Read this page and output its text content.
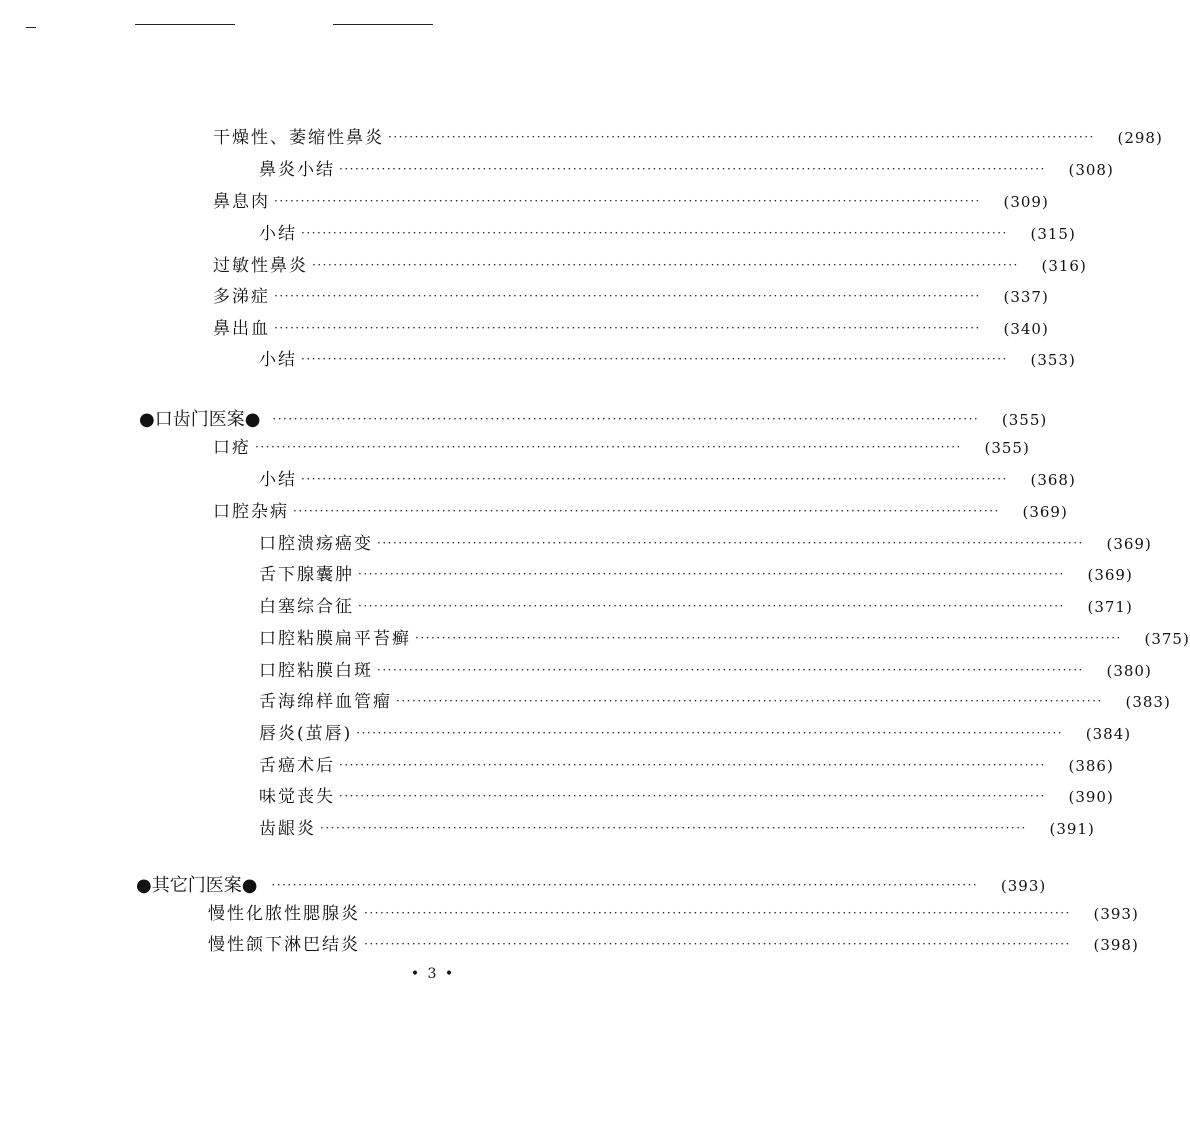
干燥性、萎缩性鼻炎 ·····································································································································	(298)
鼻炎小结 ·····································································································································	(308)
鼻息肉 ·····································································································································	(309)
小结 ·····································································································································	(315)
过敏性鼻炎 ·····································································································································	(316)
多涕症 ·····································································································································	(337)
鼻出血 ·····································································································································	(340)
小结 ·····································································································································	(353)
●口齿门医案● ·····································································································································	(355)
口疮 ·····································································································································	(355)
小结 ·····································································································································	(368)
口腔杂病 ·····································································································································	(369)
口腔溃疡癌变 ·····································································································································	(369)
舌下腺囊肿 ·····································································································································	(369)
白塞综合征 ·····································································································································	(371)
口腔粘膜扁平苔癣 ·····································································································································	(375)
口腔粘膜白斑 ·····································································································································	(380)
舌海绵样血管瘤 ·····································································································································	(383)
唇炎(茧唇) ·····································································································································	(384)
舌癌术后 ·····································································································································	(386)
味觉丧失 ·····································································································································	(390)
齿龈炎 ·····································································································································	(391)
●其它门医案● ·····································································································································	(393)
慢性化脓性腮腺炎 ·····································································································································	(393)
慢性颌下淋巴结炎 ·····································································································································	(398)
• 3 •
